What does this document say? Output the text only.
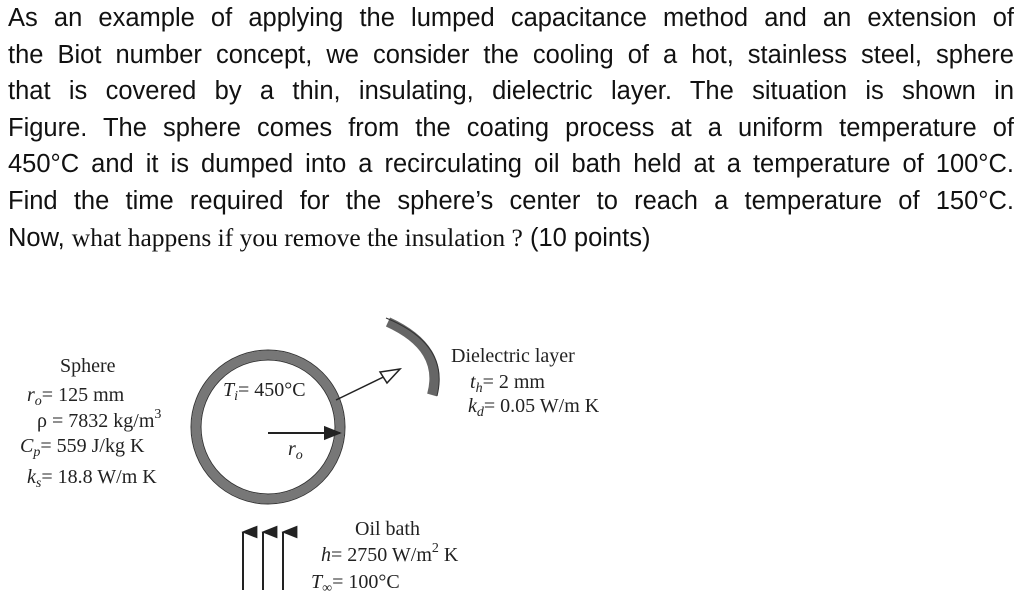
As an example of applying the lumped capacitance method and an extension of
the Biot number concept, we consider the cooling of a hot, stainless steel, sphere
that is covered by a thin, insulating, dielectric layer. The situation is shown in
Figure. The sphere comes from the coating process at a uniform temperature of
450°C and it is dumped into a recirculating oil bath held at a temperature of 100°C.
Find the time required for the sphere’s center to reach a temperature of 150°C.
Now, what happens if you remove the insulation ? (10 points)
Sphere
$r_o= 125$ mm
ρ = 7832 $kg/m^3$
$C_p= 559$ J/kg K
$k_s= 18.8$ W/m K
$T_i= 450^\circ C$
$r_o$
Dielectric layer
$t_h= 2$ mm
$k_d= 0.05$ W/m K
Oil bath
h= 2750 $W/m^2$ K
$T_\infty= 100^\circ C$
